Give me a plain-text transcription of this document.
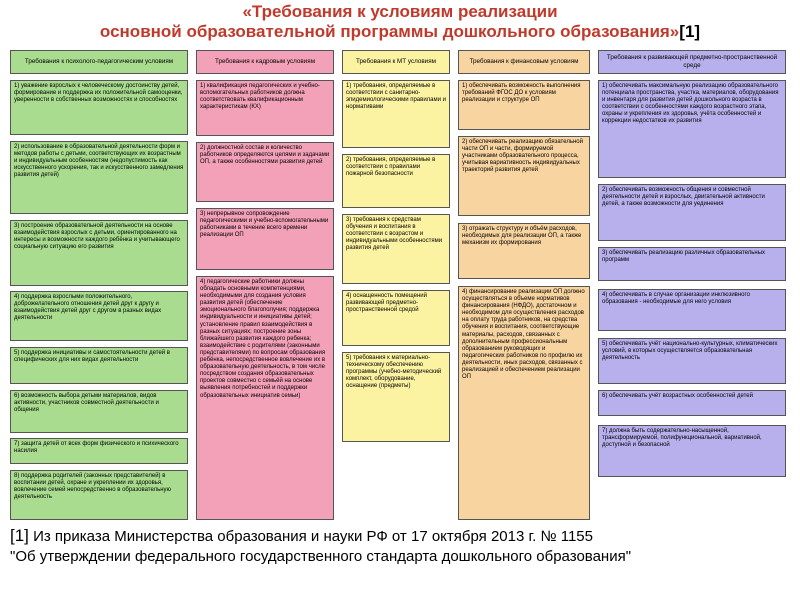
«Требования к условиям реализации
основной образовательной программы дошкольного образования»[1]
Требования к психолого-педагогическим условиям
1) уважение взрослых к человеческому достоинству детей, формирование и поддержка их положительной самооценки, уверенности в собственных возможностях и способностях
2) использование в образовательной деятельности форм и методов работы с детьми, соответствующих их возрастным и индивидуальным особенностям (недопустимость как искусственного ускорения, так и искусственного замедления развития детей)
3) построение образовательной деятельности на основе взаимодействия взрослых с детьми, ориентированного на интересы и возможности каждого ребёнка и учитывающего социальную ситуацию его развития
4) поддержка взрослыми положительного, доброжелательного отношения детей друг к другу и взаимодействия детей друг с другом в разных видах деятельности
5) поддержка инициативы и самостоятельности детей в специфических для них видах деятельности
6) возможность выбора детьми материалов, видов активности, участников совместной деятельности и общения
7) защита детей от всех форм физического и психического насилия
8) поддержка родителей (законных представителей) в воспитании детей, охране и укреплении их здоровья, вовлечение семей непосредственно в образовательную деятельность
Требования к кадровым условиям
1) квалификация педагогических и учебно-вспомогательных работников должна соответствовать квалификационным характеристикам (КХ)
2) должностной состав и количество работников определяются целями и задачами ОП, а также особенностями развития детей
3) непрерывное сопровождение педагогическими и учебно-вспомогательными работниками в течение всего времени реализации ОП
4) педагогические работники должны обладать основными компетенциями, необходимыми для создания условия развития детей (обеспечение эмоционального благополучия; поддержка индивидуальности и инициативы детей; установление правил взаимодействия в разных ситуациях; построение зоны ближайшего развития каждого ребенка; взаимодействие с родителями (законными представителями) по вопросам образования ребёнка, непосредственное вовлечение их в образовательную деятельность, в том числе посредством создания образовательных проектов совместно с семьёй на основе выявления потребностей и поддержки образовательных инициатив семьи)
Требования к МТ условиям
1) требования, определяемые в соответствии с санитарно-эпидемиологическими правилами и нормативами
2) требования, определяемые в соответствии с правилами пожарной безопасности
3) требования к средствам обучения и воспитания в соответствии с возрастом и индивидуальными особенностями развития детей
4) оснащенность помещений развивающей предметно-пространственной средой
5) требования к материально-техническому обеспечению программы (учебно-методический комплект, оборудование, оснащение (предметы)
Требования к финансовым условиям
1) обеспечивать возможность выполнения требований ФГОС ДО к условиям реализации и структуре ОП
2) обеспечивать реализацию обязательной части ОП и части, формируемой участниками образовательного процесса, учитывая вариативность индивидуальных траекторий развития детей
3) отражать структуру и объём расходов, необходимых для реализации ОП, а также механизм их формирования
4) финансирование реализации ОП должно осуществляться в объеме нормативов финансирования (НФДО), достаточном и необходимом для осуществления расходов на оплату труда работников, на средства обучения и воспитания, соответствующие материалы, расходов, связанных с дополнительным профессиональным образованием руководящих и педагогических работников по профилю их деятельности, иных расходов, связанных с реализацией и обеспечением реализации ОП
Требования к развивающей предметно-пространственной среде
1) обеспечивать максимальную реализацию образовательного потенциала пространства, участка, материалов, оборудования и инвентаря для развития детей дошкольного возраста в соответствии с особенностями каждого возрастного этапа, охраны и укрепления их здоровья, учёта особенностей и коррекции недостатков их развития
2) обеспечивать возможность общения и совместной деятельности детей и взрослых, двигательной активности детей, а также возможности для уединения
3) обеспечивать реализацию различных образовательных программ
4) обеспечивать в случае организации инклюзивного образования - необходимые для него условия
5) обеспечивать учёт национально-культурных, климатических условий, в которых осуществляется образовательная деятельность
6) обеспечивать учёт возрастных особенностей детей
7) должна быть содержательно-насыщенной, трансформируемой, полифункциональной, вариативной, доступной и безопасной
[1] Из приказа Министерства образования и науки РФ от 17 октября 2013 г. № 1155
"Об утверждении федерального государственного стандарта дошкольного образования"
